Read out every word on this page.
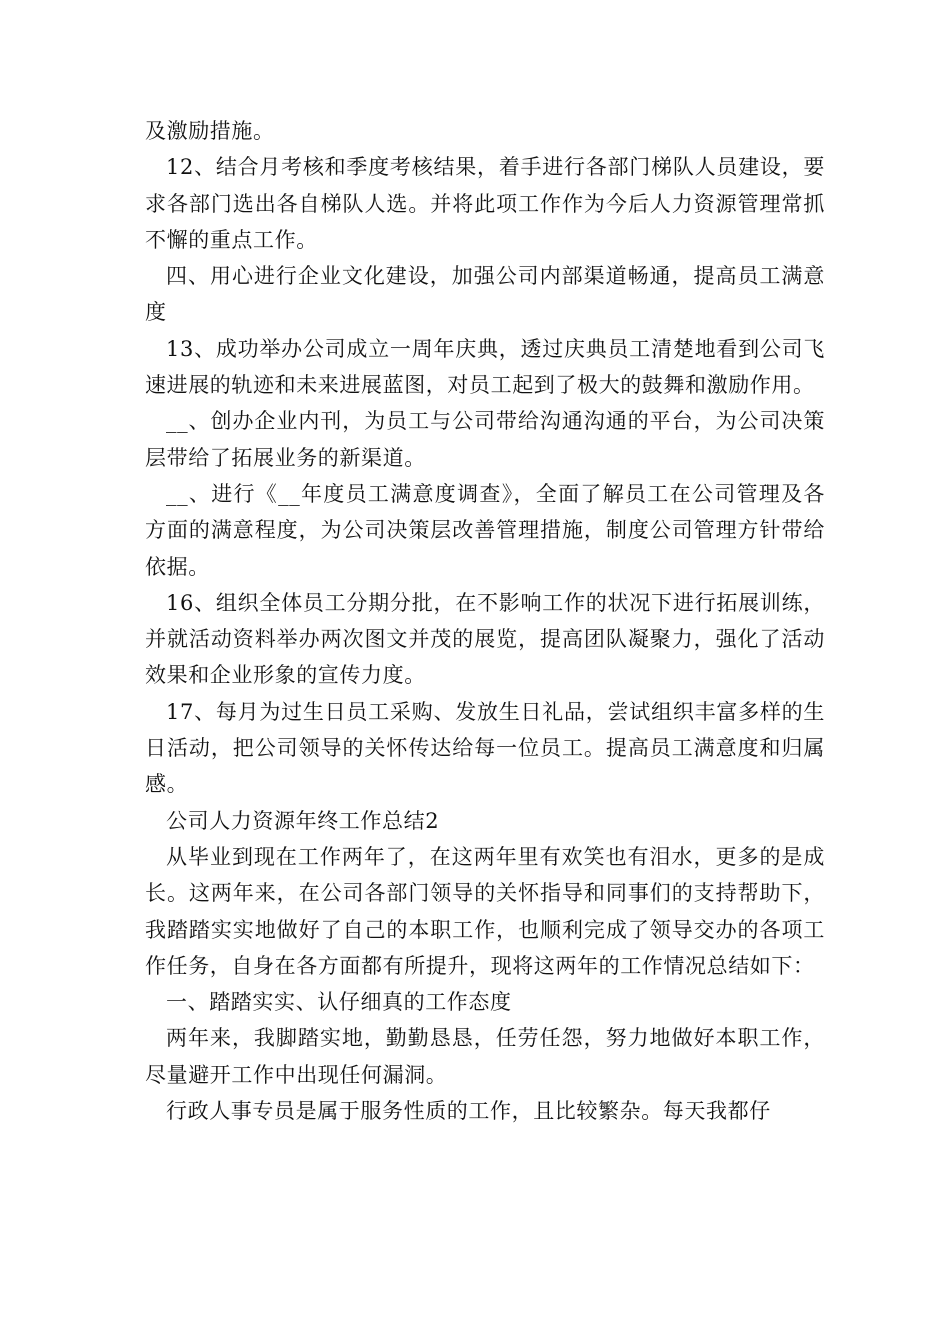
及激励措施。

12、结合月考核和季度考核结果，着手进行各部门梯队人员建设，要求各部门选出各自梯队人选。并将此项工作作为今后人力资源管理常抓不懈的重点工作。

四、用心进行企业文化建设，加强公司内部渠道畅通，提高员工满意度

13、成功举办公司成立一周年庆典，透过庆典员工清楚地看到公司飞速进展的轨迹和未来进展蓝图，对员工起到了极大的鼓舞和激励作用。

__、创办企业内刊，为员工与公司带给沟通沟通的平台，为公司决策层带给了拓展业务的新渠道。

__、进行《__年度员工满意度调查》，全面了解员工在公司管理及各方面的满意程度，为公司决策层改善管理措施，制度公司管理方针带给依据。

16、组织全体员工分期分批，在不影响工作的状况下进行拓展训练，并就活动资料举办两次图文并茂的展览，提高团队凝聚力，强化了活动效果和企业形象的宣传力度。

17、每月为过生日员工采购、发放生日礼品，尝试组织丰富多样的生日活动，把公司领导的关怀传达给每一位员工。提高员工满意度和归属感。

公司人力资源年终工作总结2

从毕业到现在工作两年了，在这两年里有欢笑也有泪水，更多的是成长。这两年来，在公司各部门领导的关怀指导和同事们的支持帮助下，我踏踏实实地做好了自己的本职工作，也顺利完成了领导交办的各项工作任务，自身在各方面都有所提升，现将这两年的工作情况总结如下：

一、踏踏实实、认仔细真的工作态度

两年来，我脚踏实地，勤勤恳恳，任劳任怨，努力地做好本职工作，尽量避开工作中出现任何漏洞。

行政人事专员是属于服务性质的工作，且比较繁杂。每天我都仔
